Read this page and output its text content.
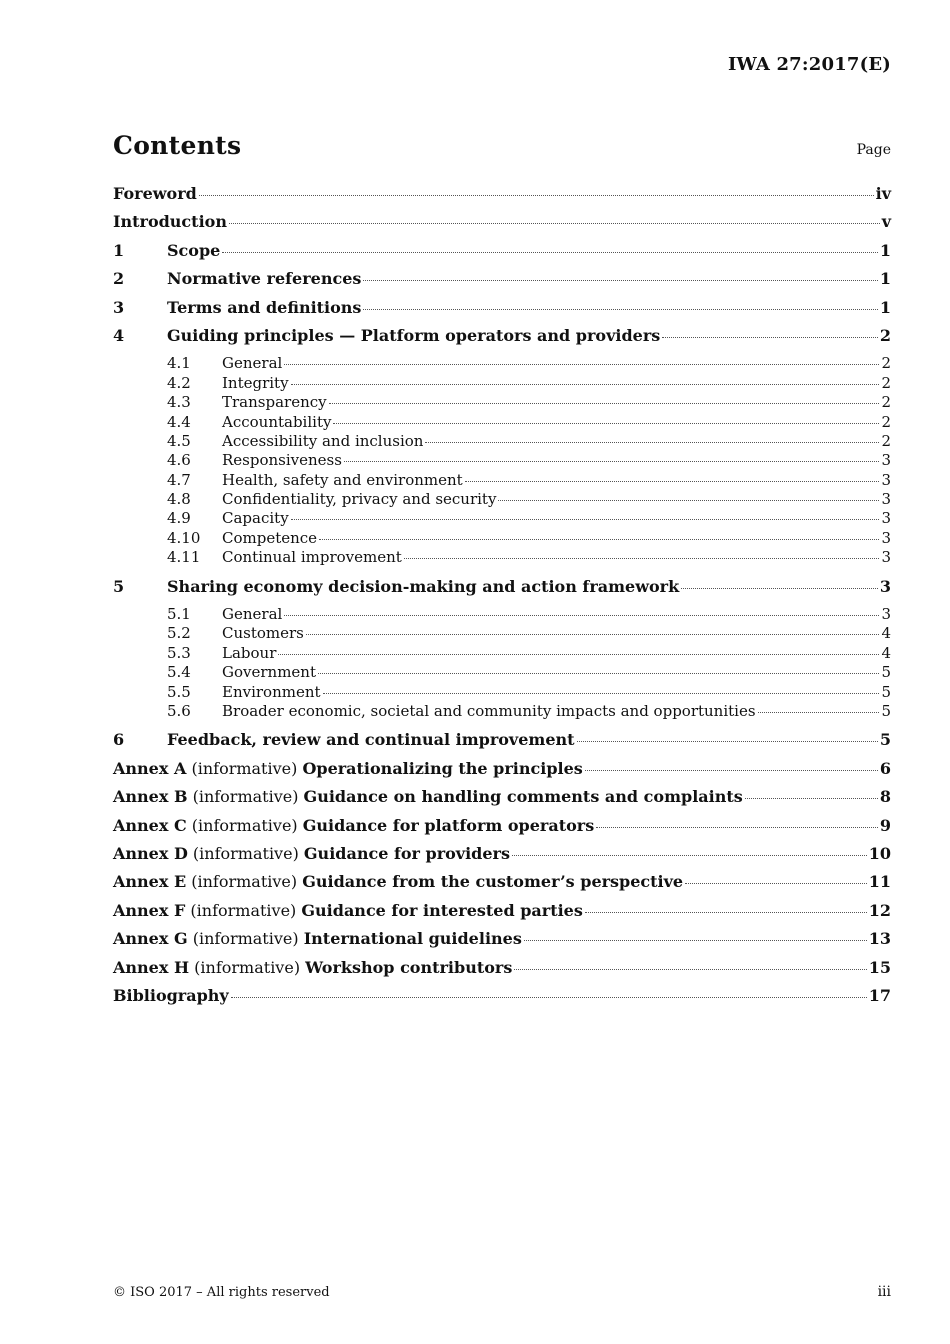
IWA 27:2017(E)
Contents	Page
Foreword	iv
Introduction	v
1	Scope	1
2	Normative references	1
3	Terms and definitions	1
4	Guiding principles — Platform operators and providers	2
4.1	General	2
4.2	Integrity	2
4.3	Transparency	2
4.4	Accountability	2
4.5	Accessibility and inclusion	2
4.6	Responsiveness	3
4.7	Health, safety and environment	3
4.8	Confidentiality, privacy and security	3
4.9	Capacity	3
4.10	Competence	3
4.11	Continual improvement	3
5	Sharing economy decision-making and action framework	3
5.1	General	3
5.2	Customers	4
5.3	Labour	4
5.4	Government	5
5.5	Environment	5
5.6	Broader economic, societal and community impacts and opportunities	5
6	Feedback, review and continual improvement	5
Annex A (informative) Operationalizing the principles	6
Annex B (informative) Guidance on handling comments and complaints	8
Annex C (informative) Guidance for platform operators	9
Annex D (informative) Guidance for providers	10
Annex E (informative) Guidance from the customer’s perspective	11
Annex F (informative) Guidance for interested parties	12
Annex G (informative) International guidelines	13
Annex H (informative) Workshop contributors	15
Bibliography	17
© ISO 2017 – All rights reserved	iii
